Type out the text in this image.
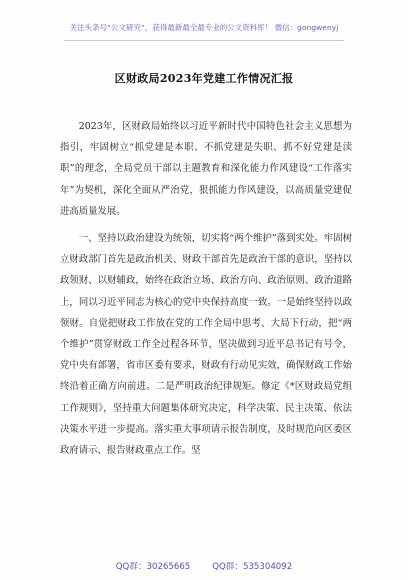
关注头条号“公文研究”，获得最新最全最专业的公文资料库！ 微信：gongwenyj
区财政局2023年党建工作情况汇报

2023年，区财政局始终以习近平新时代中国特色社会主义思想为指引，牢固树立“抓党建是本职、不抓党建是失职、抓不好党建是渎职”的理念，全局党员干部以主题教育和深化能力作风建设“工作落实年”为契机，深化全面从严治党，狠抓能力作风建设，以高质量党建促进高质量发展。

一、坚持以政治建设为统领，切实将“两个维护”落到实处。牢固树立财政部门首先是政治机关、财政干部首先是政治干部的意识，坚持以政领财、以财辅政，始终在政治立场、政治方向、政治原则、政治道路上，同以习近平同志为核心的党中央保持高度一致。一是始终坚持以政领财。自觉把财政工作放在党的工作全局中思考、大局下行动，把“两个维护”贯穿财政工作全过程各环节，坚决做到习近平总书记有号令，党中央有部署，省市区委有要求，财政有行动见实效，确保财政工作始终沿着正确方向前进。二是严明政治纪律规矩。修定《*区财政局党组工作规则》，坚持重大问题集体研究决定，科学决策、民主决策、依法决策水平进一步提高。落实重大事项请示报告制度，及时规范向区委区政府请示、报告财政重点工作。坚

QQ群：30265665	QQ群：535304092
